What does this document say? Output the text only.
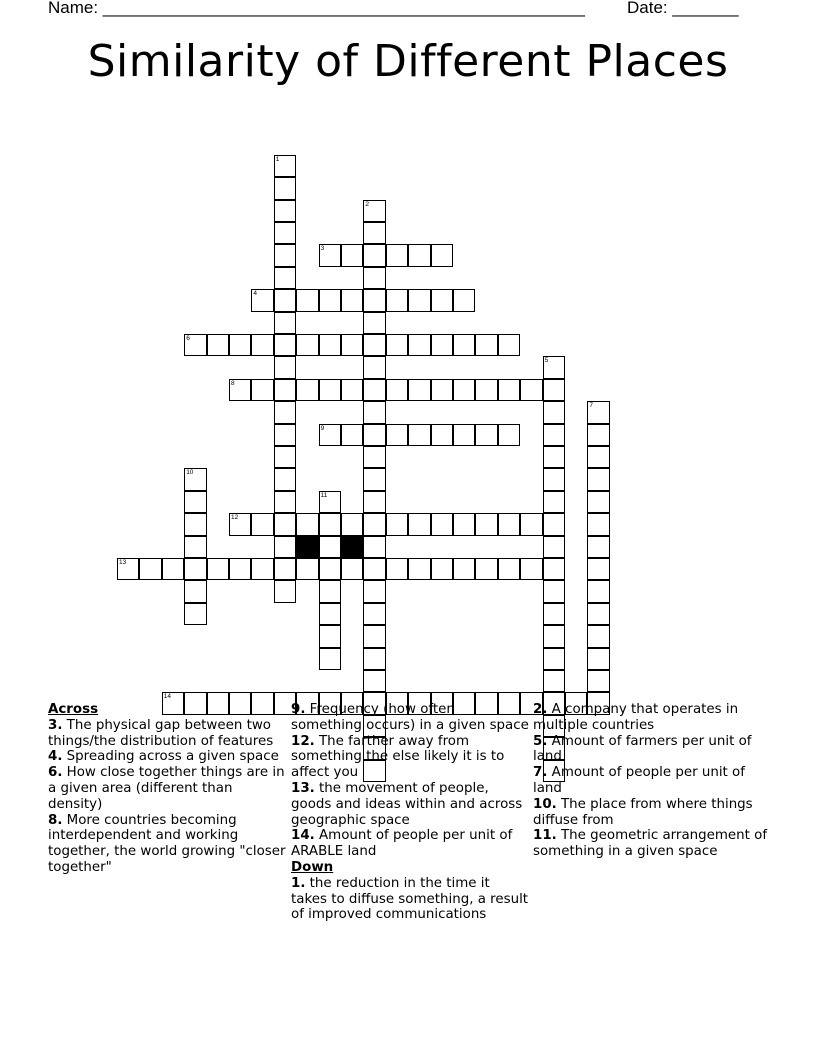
Name: ___________________________________________________ Date: _______
Similarity of Different Places
1
2
3
4
6
8
9
10
11
12
13
5
7
14
Across

3. The physical gap between two things/the distribution of features

4. Spreading across a given space

6. How close together things are in a given area (different than density)

8. More countries becoming interdependent and working together, the world growing "closer together"

9. Frequency (how often something occurs) in a given space

12. The farther away from something the else likely it is to affect you

13. the movement of people, goods and ideas within and across geographic space

14. Amount of people per unit of ARABLE land

Down

1. the reduction in the time it takes to diffuse something, a result of improved communications

2. A company that operates in multiple countries

5. Amount of farmers per unit of land

7. Amount of people per unit of land

10. The place from where things diffuse from

11. The geometric arrangement of something in a given space
